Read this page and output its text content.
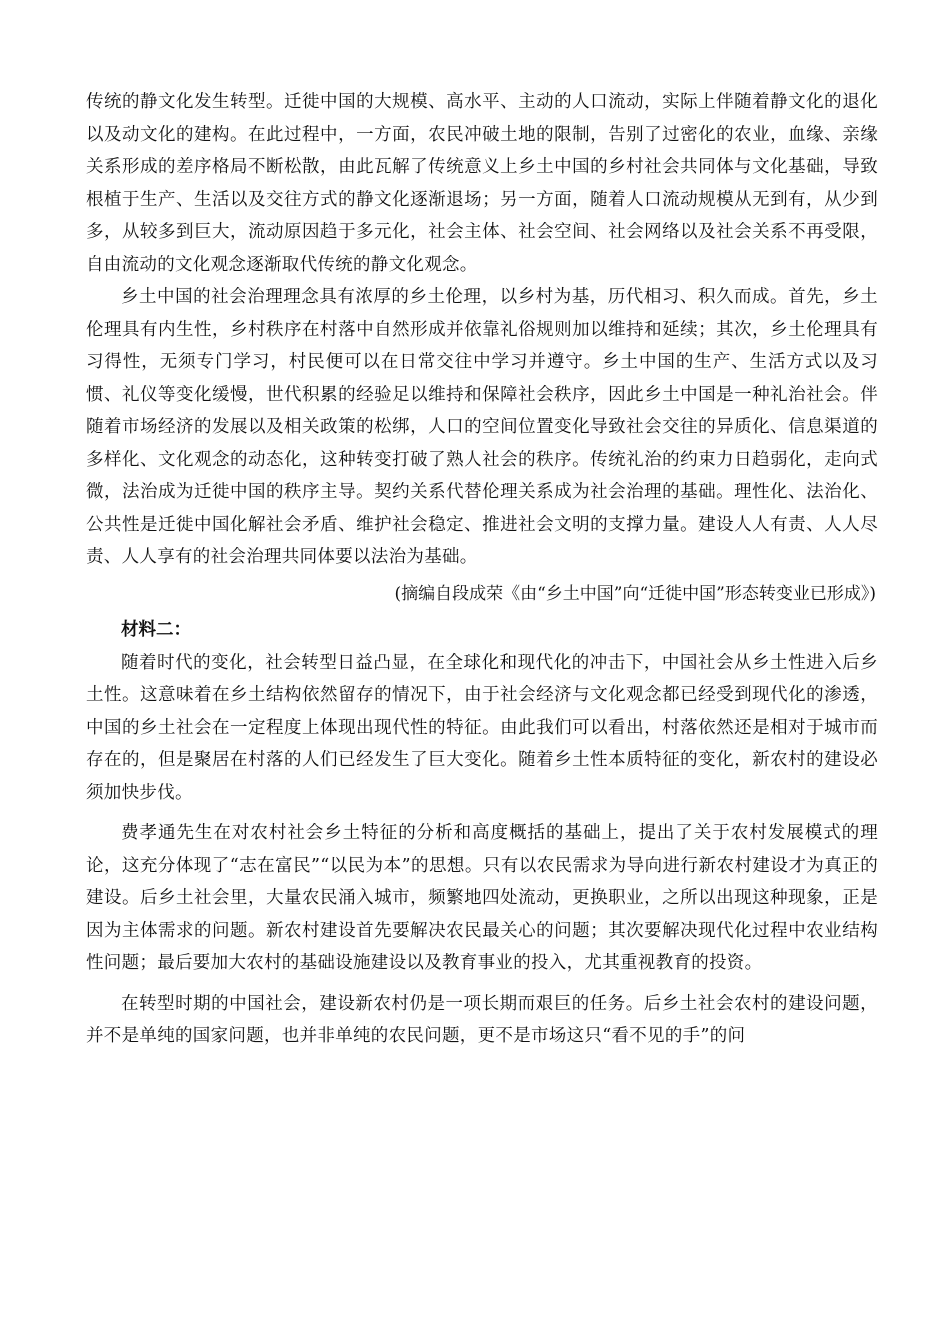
传统的静文化发生转型。迁徙中国的大规模、高水平、主动的人口流动，实际上伴随着静文化的退化以及动文化的建构。在此过程中，一方面，农民冲破土地的限制，告别了过密化的农业，血缘、亲缘关系形成的差序格局不断松散，由此瓦解了传统意义上乡土中国的乡村社会共同体与文化基础，导致根植于生产、生活以及交往方式的静文化逐渐退场；另一方面，随着人口流动规模从无到有，从少到多，从较多到巨大，流动原因趋于多元化，社会主体、社会空间、社会网络以及社会关系不再受限，自由流动的文化观念逐渐取代传统的静文化观念。

乡土中国的社会治理理念具有浓厚的乡土伦理，以乡村为基，历代相习、积久而成。首先，乡土伦理具有内生性，乡村秩序在村落中自然形成并依靠礼俗规则加以维持和延续；其次，乡土伦理具有习得性，无须专门学习，村民便可以在日常交往中学习并遵守。乡土中国的生产、生活方式以及习惯、礼仪等变化缓慢，世代积累的经验足以维持和保障社会秩序，因此乡土中国是一种礼治社会。伴随着市场经济的发展以及相关政策的松绑，人口的空间位置变化导致社会交往的异质化、信息渠道的多样化、文化观念的动态化，这种转变打破了熟人社会的秩序。传统礼治的约束力日趋弱化，走向式微，法治成为迁徙中国的秩序主导。契约关系代替伦理关系成为社会治理的基础。理性化、法治化、公共性是迁徙中国化解社会矛盾、维护社会稳定、推进社会文明的支撑力量。建设人人有责、人人尽责、人人享有的社会治理共同体要以法治为基础。

(摘编自段成荣《由“乡土中国”向“迁徙中国”形态转变业已形成》)

材料二：

随着时代的变化，社会转型日益凸显，在全球化和现代化的冲击下，中国社会从乡土性进入后乡土性。这意味着在乡土结构依然留存的情况下，由于社会经济与文化观念都已经受到现代化的渗透，中国的乡土社会在一定程度上体现出现代性的特征。由此我们可以看出，村落依然还是相对于城市而存在的，但是聚居在村落的人们已经发生了巨大变化。随着乡土性本质特征的变化，新农村的建设必须加快步伐。

费孝通先生在对农村社会乡土特征的分析和高度概括的基础上，提出了关于农村发展模式的理论，这充分体现了“志在富民”“以民为本”的思想。只有以农民需求为导向进行新农村建设才为真正的建设。后乡土社会里，大量农民涌入城市，频繁地四处流动，更换职业，之所以出现这种现象，正是因为主体需求的问题。新农村建设首先要解决农民最关心的问题；其次要解决现代化过程中农业结构性问题；最后要加大农村的基础设施建设以及教育事业的投入，尤其重视教育的投资。

在转型时期的中国社会，建设新农村仍是一项长期而艰巨的任务。后乡土社会农村的建设问题，并不是单纯的国家问题，也并非单纯的农民问题，更不是市场这只“看不见的手”的问
